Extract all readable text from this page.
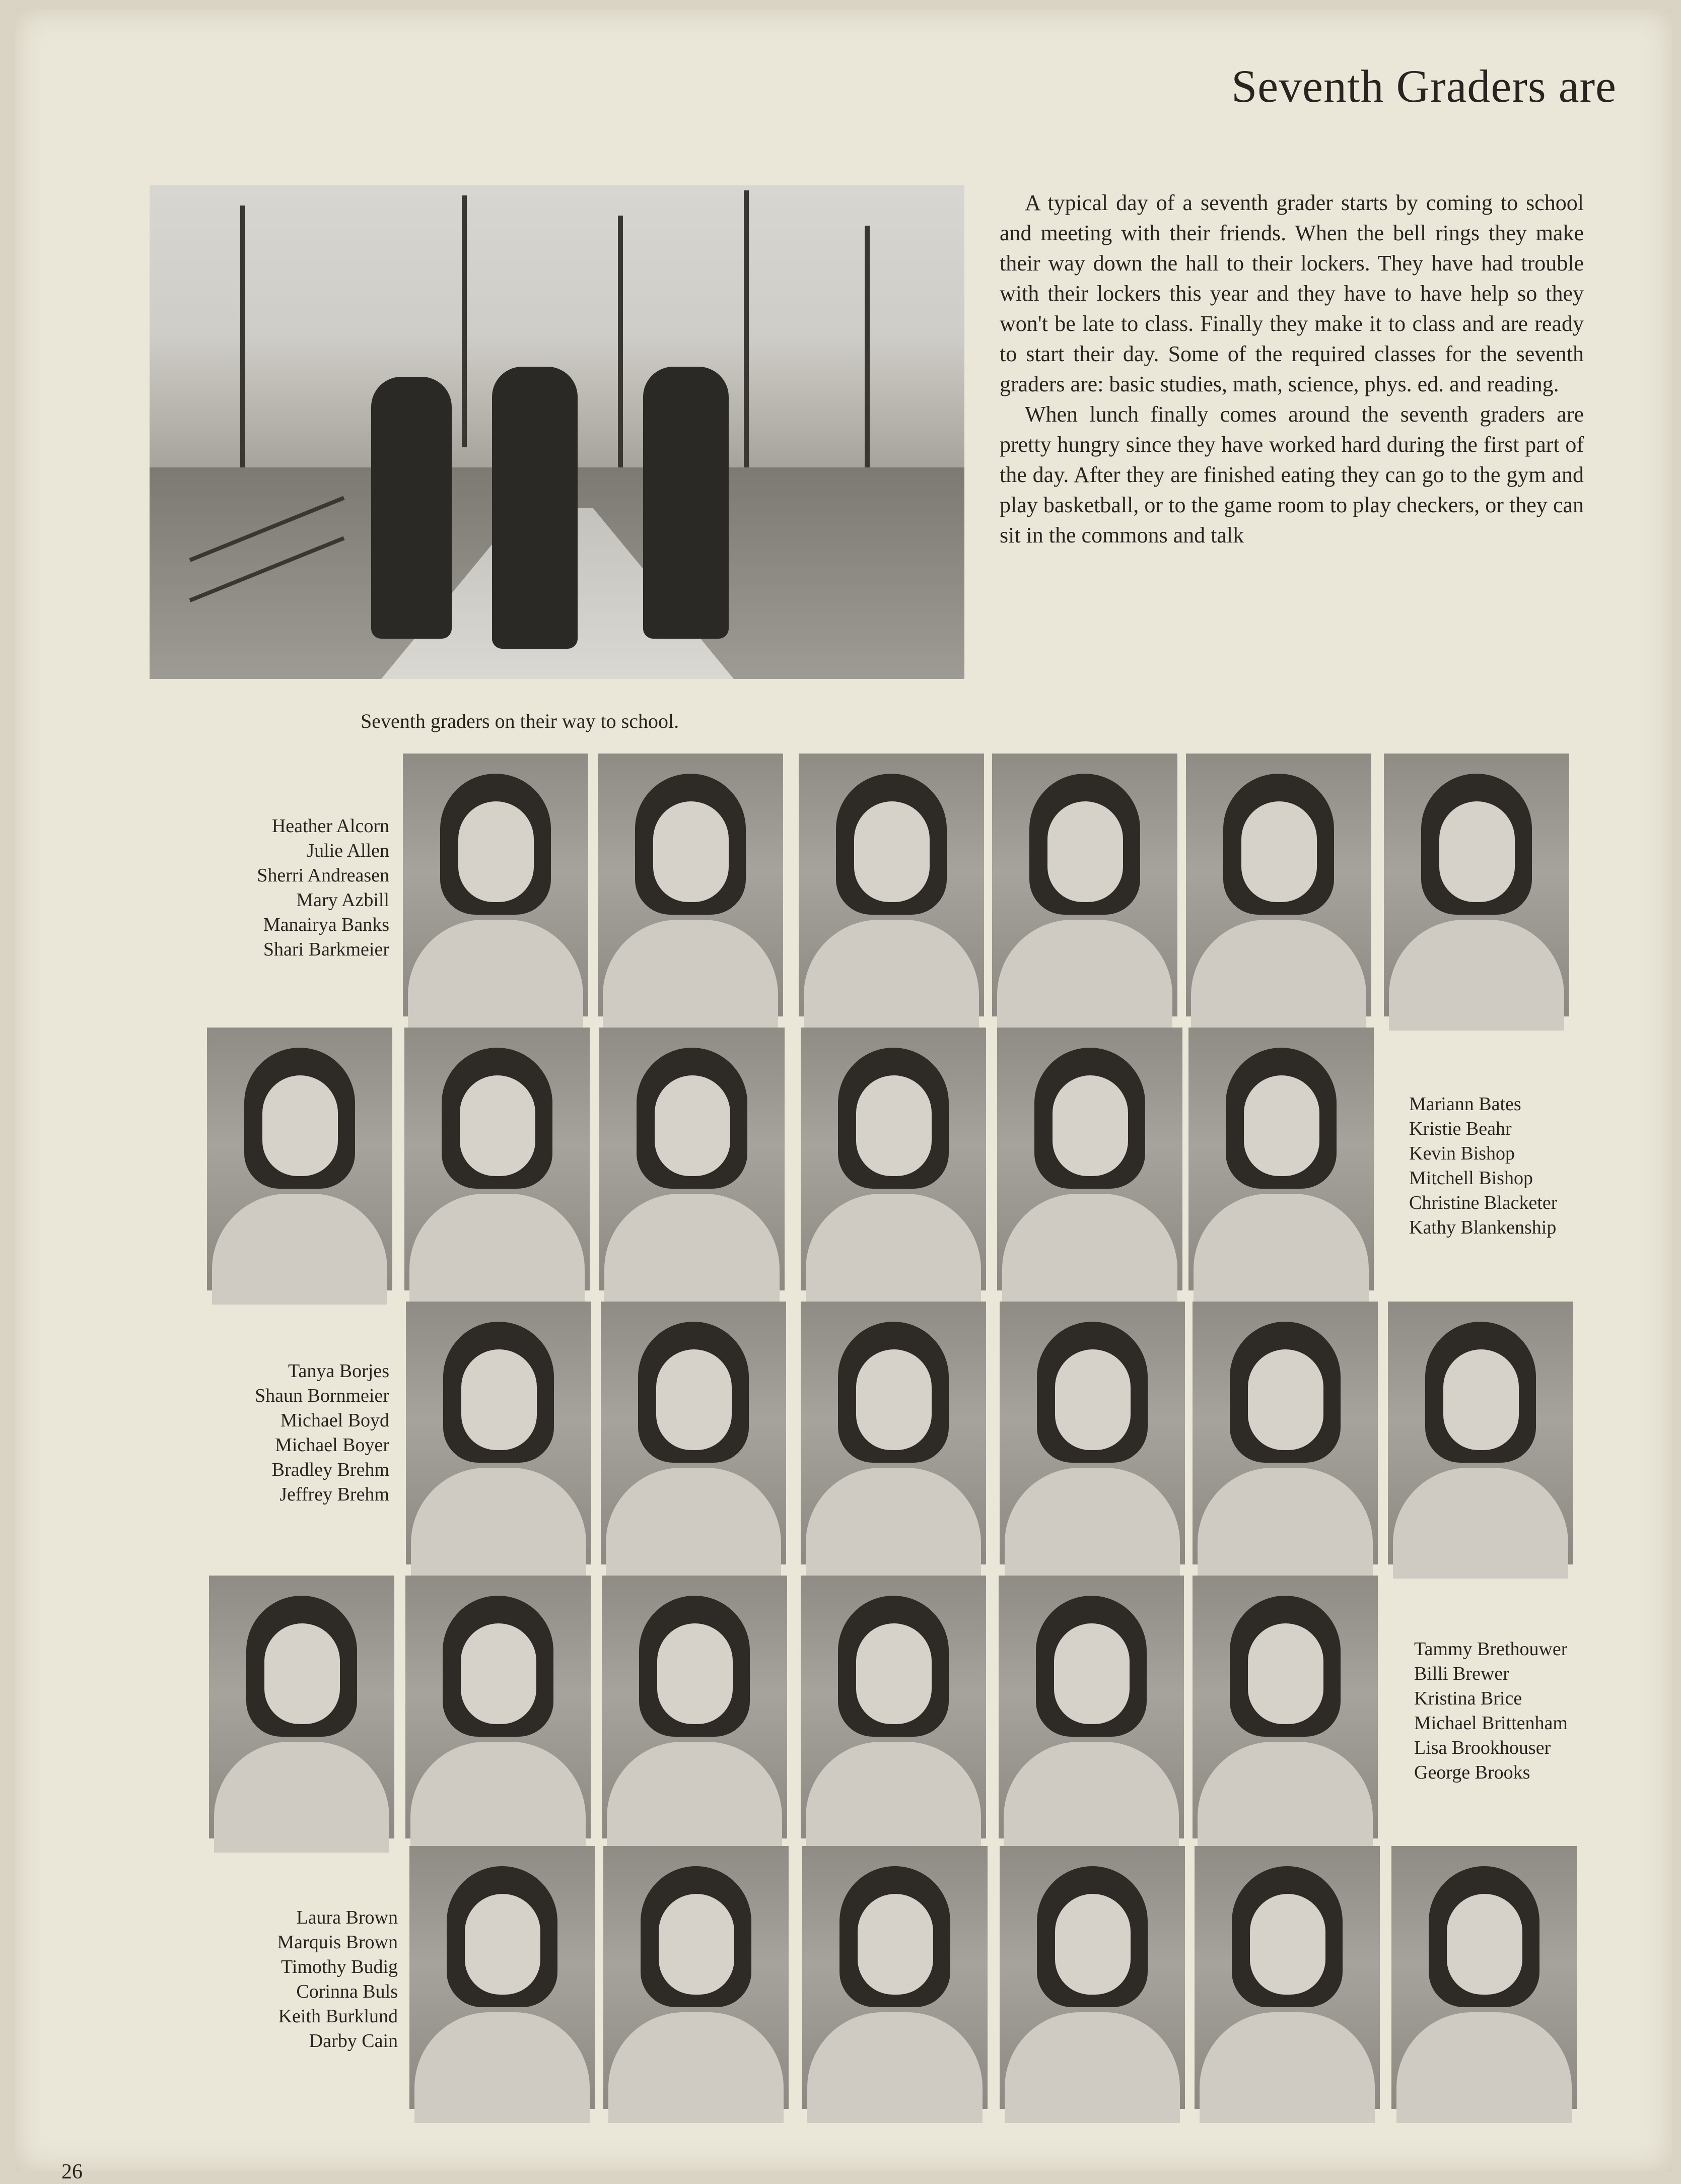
Seventh Graders are
Seventh graders on their way to school.

A typical day of a seventh grader starts by coming to school and meeting with their friends. When the bell rings they make their way down the hall to their lockers. They have had trouble with their lockers this year and they have to have help so they won't be late to class. Finally they make it to class and are ready to start their day. Some of the required classes for the seventh graders are: basic studies, math, science, phys. ed. and reading.

When lunch finally comes around the seventh graders are pretty hungry since they have worked hard during the first part of the day. After they are finished eating they can go to the gym and play basketball, or to the game room to play checkers, or they can sit in the commons and talk

Heather Alcorn
Julie Allen
Sherri Andreasen
Mary Azbill
Manairya Banks
Shari Barkmeier
Mariann Bates
Kristie Beahr
Kevin Bishop
Mitchell Bishop
Christine Blacketer
Kathy Blankenship
Tanya Borjes
Shaun Bornmeier
Michael Boyd
Michael Boyer
Bradley Brehm
Jeffrey Brehm
Tammy Brethouwer
Billi Brewer
Kristina Brice
Michael Brittenham
Lisa Brookhouser
George Brooks
Laura Brown
Marquis Brown
Timothy Budig
Corinna Buls
Keith Burklund
Darby Cain
26
